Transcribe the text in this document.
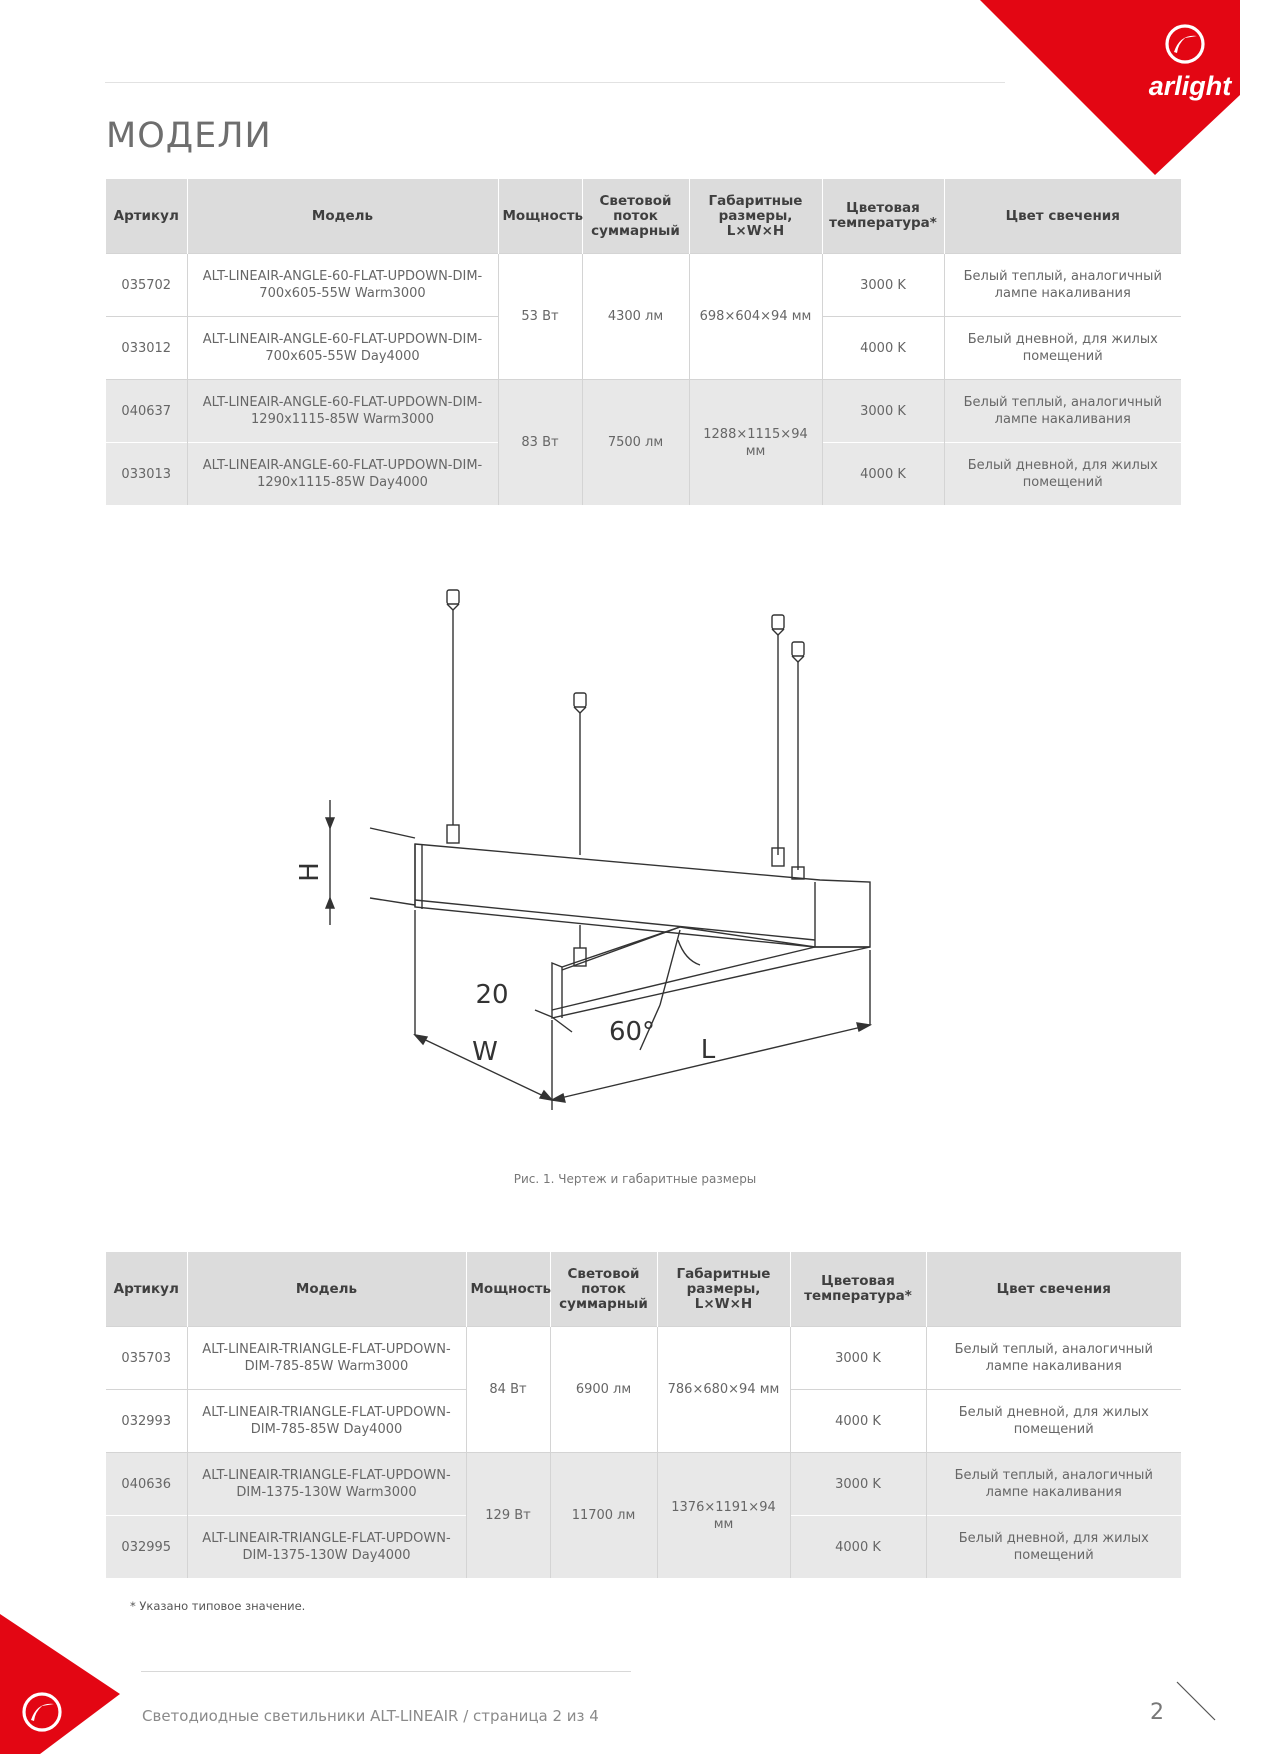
arlight
МОДЕЛИ
Артикул	Модель	Мощность	Световой поток суммарный	Габаритные размеры, L×W×H	Цветовая температура*	Цвет свечения
035702	ALT-LINEAIR-ANGLE-60-FLAT-UPDOWN-DIM-700x605-55W Warm3000	53 Вт	4300 лм	698×604×94 мм	3000 K	Белый теплый, аналогичный лампе накаливания
033012	ALT-LINEAIR-ANGLE-60-FLAT-UPDOWN-DIM-700x605-55W Day4000				4000 K	Белый дневной, для жилых помещений
040637	ALT-LINEAIR-ANGLE-60-FLAT-UPDOWN-DIM-1290x1115-85W Warm3000	83 Вт	7500 лм	1288×1115×94 мм	3000 K	Белый теплый, аналогичный лампе накаливания
033013	ALT-LINEAIR-ANGLE-60-FLAT-UPDOWN-DIM-1290x1115-85W Day4000				4000 K	Белый дневной, для жилых помещений
H
W	L
20
60°
Рис. 1. Чертеж и габаритные размеры
Артикул	Модель	Мощность	Световой поток суммарный	Габаритные размеры, L×W×H	Цветовая температура*	Цвет свечения
035703	ALT-LINEAIR-TRIANGLE-FLAT-UPDOWN-DIM-785-85W Warm3000	84 Вт	6900 лм	786×680×94 мм	3000 K	Белый теплый, аналогичный лампе накаливания
032993	ALT-LINEAIR-TRIANGLE-FLAT-UPDOWN-DIM-785-85W Day4000				4000 K	Белый дневной, для жилых помещений
040636	ALT-LINEAIR-TRIANGLE-FLAT-UPDOWN-DIM-1375-130W Warm3000	129 Вт	11700 лм	1376×1191×94 мм	3000 K	Белый теплый, аналогичный лампе накаливания
032995	ALT-LINEAIR-TRIANGLE-FLAT-UPDOWN-DIM-1375-130W Day4000				4000 K	Белый дневной, для жилых помещений
* Указано типовое значение.
Светодиодные светильники ALT-LINEAIR / страница 2 из 4	2
